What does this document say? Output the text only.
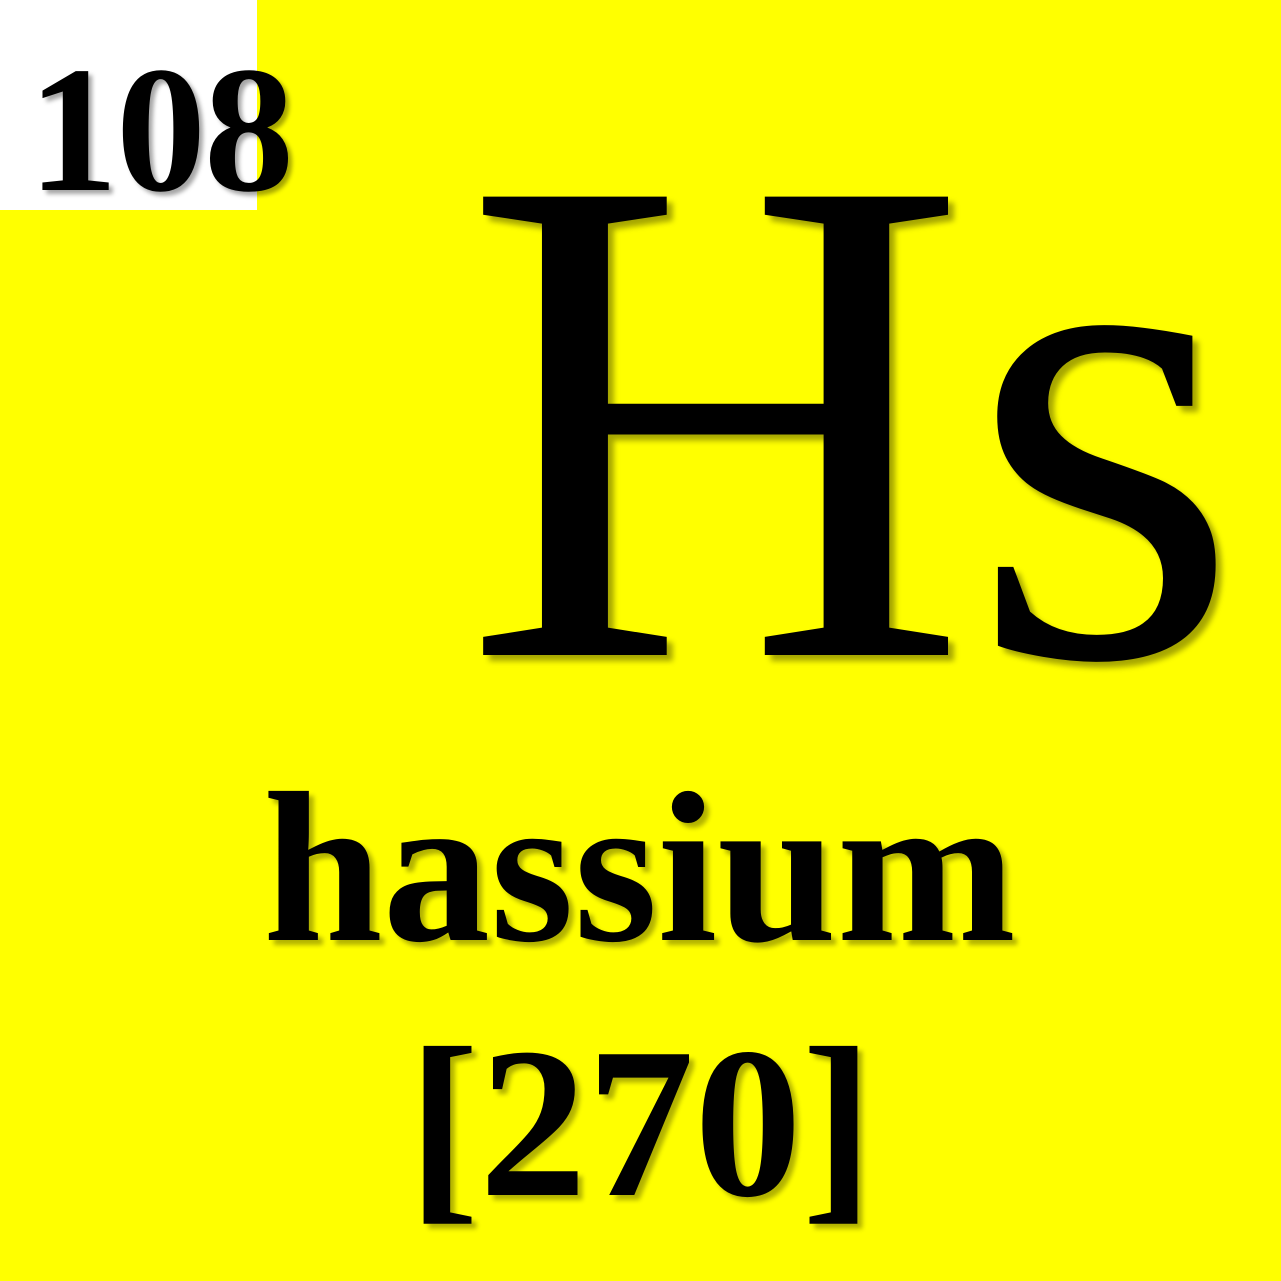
108 Hs
hassium
[270]
